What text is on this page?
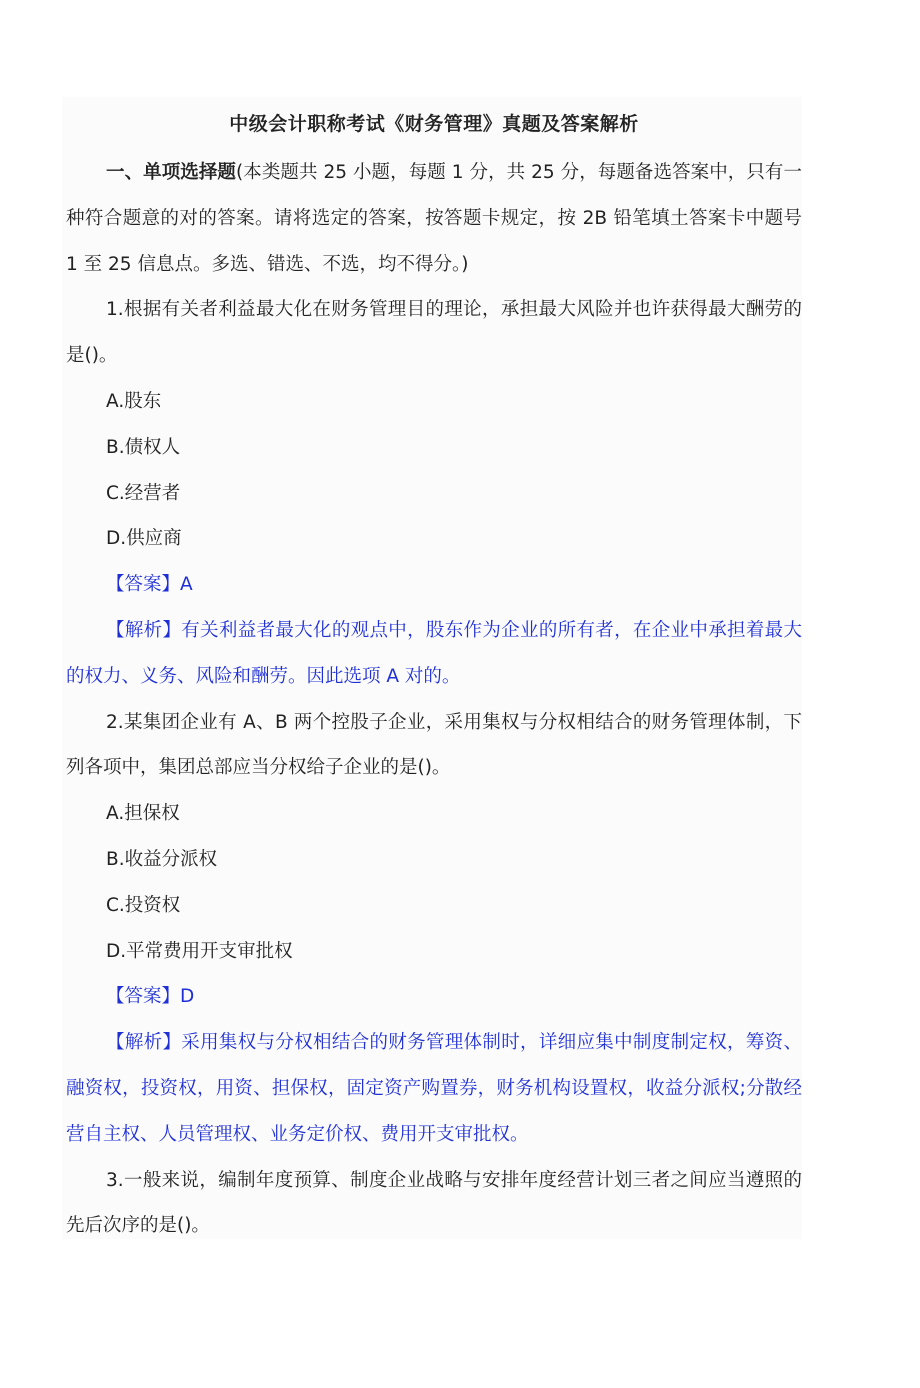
中级会计职称考试《财务管理》真题及答案解析

一、单项选择题(本类题共 25 小题，每题 1 分，共 25 分，每题备选答案中，只有一种符合题意的对的答案。请将选定的答案，按答题卡规定，按 2B 铅笔填土答案卡中题号 1 至 25 信息点。多选、错选、不选，均不得分。)

1.根据有关者利益最大化在财务管理目的理论，承担最大风险并也许获得最大酬劳的是()。

A.股东

B.债权人

C.经营者

D.供应商

【答案】A

【解析】有关利益者最大化的观点中，股东作为企业的所有者，在企业中承担着最大的权力、义务、风险和酬劳。因此选项 A 对的。

2.某集团企业有 A、B 两个控股子企业，采用集权与分权相结合的财务管理体制，下列各项中，集团总部应当分权给子企业的是()。

A.担保权

B.收益分派权

C.投资权

D.平常费用开支审批权

【答案】D

【解析】采用集权与分权相结合的财务管理体制时，详细应集中制度制定权，筹资、融资权，投资权，用资、担保权，固定资产购置券，财务机构设置权，收益分派权;分散经营自主权、人员管理权、业务定价权、费用开支审批权。

3.一般来说，编制年度预算、制度企业战略与安排年度经营计划三者之间应当遵照的先后次序的是()。
